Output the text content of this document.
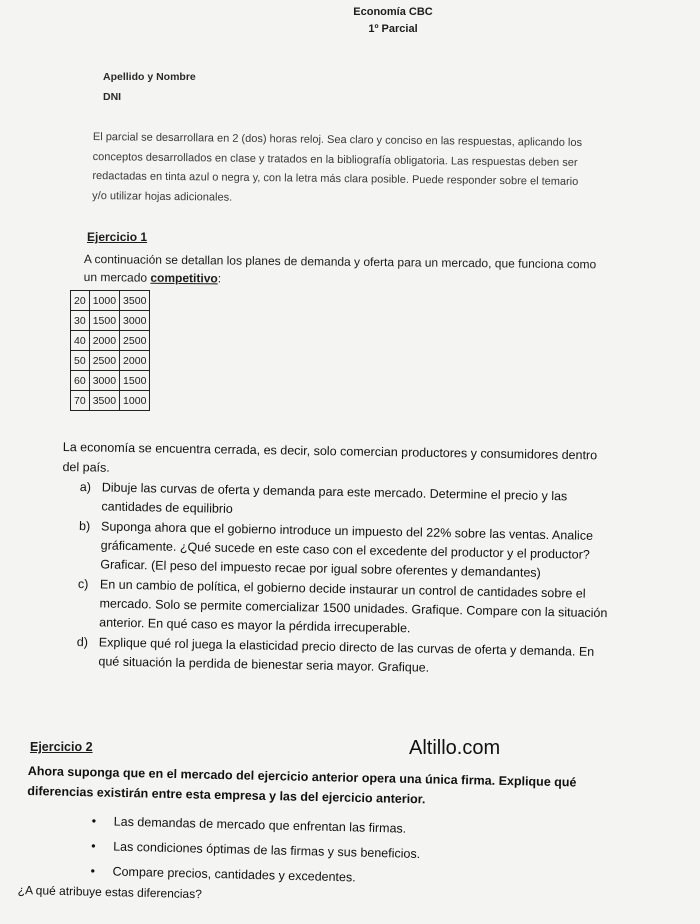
Economía CBC
1º Parcial
Apellido y Nombre
DNI
El parcial se desarrollara en 2 (dos) horas reloj. Sea claro y conciso en las respuestas, aplicando los
conceptos desarrollados en clase y tratados en la bibliografía obligatoria. Las respuestas deben ser
redactadas en tinta azul o negra y, con la letra más clara posible. Puede responder sobre el temario
y/o utilizar hojas adicionales.
Ejercicio 1
A continuación se detallan los planes de demanda y oferta para un mercado, que funciona como
un mercado competitivo:
20	1000	3500
30	1500	3000
40	2000	2500
50	2500	2000
60	3000	1500
70	3500	1000
La economía se encuentra cerrada, es decir, solo comercian productores y consumidores dentro
del país.
a) Dibuje las curvas de oferta y demanda para este mercado. Determine el precio y las
cantidades de equilibrio
b) Suponga ahora que el gobierno introduce un impuesto del 22% sobre las ventas. Analice
gráficamente. ¿Qué sucede en este caso con el excedente del productor y el productor?
Graficar. (El peso del impuesto recae por igual sobre oferentes y demandantes)
c) En un cambio de política, el gobierno decide instaurar un control de cantidades sobre el
mercado. Solo se permite comercializar 1500 unidades. Grafique. Compare con la situación
anterior. En qué caso es mayor la pérdida irrecuperable.
d) Explique qué rol juega la elasticidad precio directo de las curvas de oferta y demanda. En
qué situación la perdida de bienestar seria mayor. Grafique.
Altillo.com
Ejercicio 2
Ahora suponga que en el mercado del ejercicio anterior opera una única firma. Explique qué
diferencias existirán entre esta empresa y las del ejercicio anterior.
• Las demandas de mercado que enfrentan las firmas.
• Las condiciones óptimas de las firmas y sus beneficios.
• Compare precios, cantidades y excedentes.
¿A qué atribuye estas diferencias?
